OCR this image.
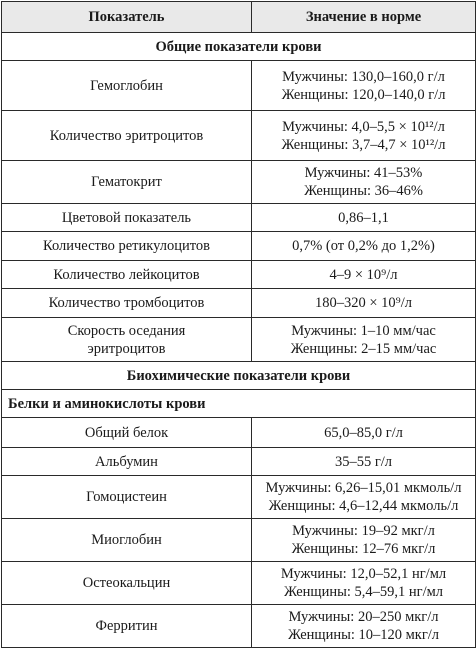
Показатель	Значение в норме
Общие показатели крови	
Гемоглобин	Мужчины: 130,0–160,0 г/л
Женщины: 120,0–140,0 г/л

Количество эритроцитов	Мужчины: 4,0–5,5 × 10¹²/л
Женщины: 3,7–4,7 × 10¹²/л

Гематокрит	Мужчины: 41–53%
Женщины: 36–46%

Цветовой показатель	0,86–1,1
Количество ретикулоцитов	0,7% (от 0,2% до 1,2%)
Количество лейкоцитов	4–9 × 10⁹/л
Количество тромбоцитов	180–320 × 10⁹/л
Скорость оседания эритроцитов	Мужчины: 1–10 мм/час
Женщины: 2–15 мм/час

Биохимические показатели крови	
Белки и аминокислоты крови	
Общий белок	65,0–85,0 г/л
Альбумин	35–55 г/л
Гомоцистеин	Мужчины: 6,26–15,01 мкмоль/л
Женщины: 4,6–12,44 мкмоль/л

Миоглобин	Мужчины: 19–92 мкг/л
Женщины: 12–76 мкг/л

Остеокальцин	Мужчины: 12,0–52,1 нг/мл
Женщины: 5,4–59,1 нг/мл

Ферритин	Мужчины: 20–250 мкг/л
Женщины: 10–120 мкг/л
